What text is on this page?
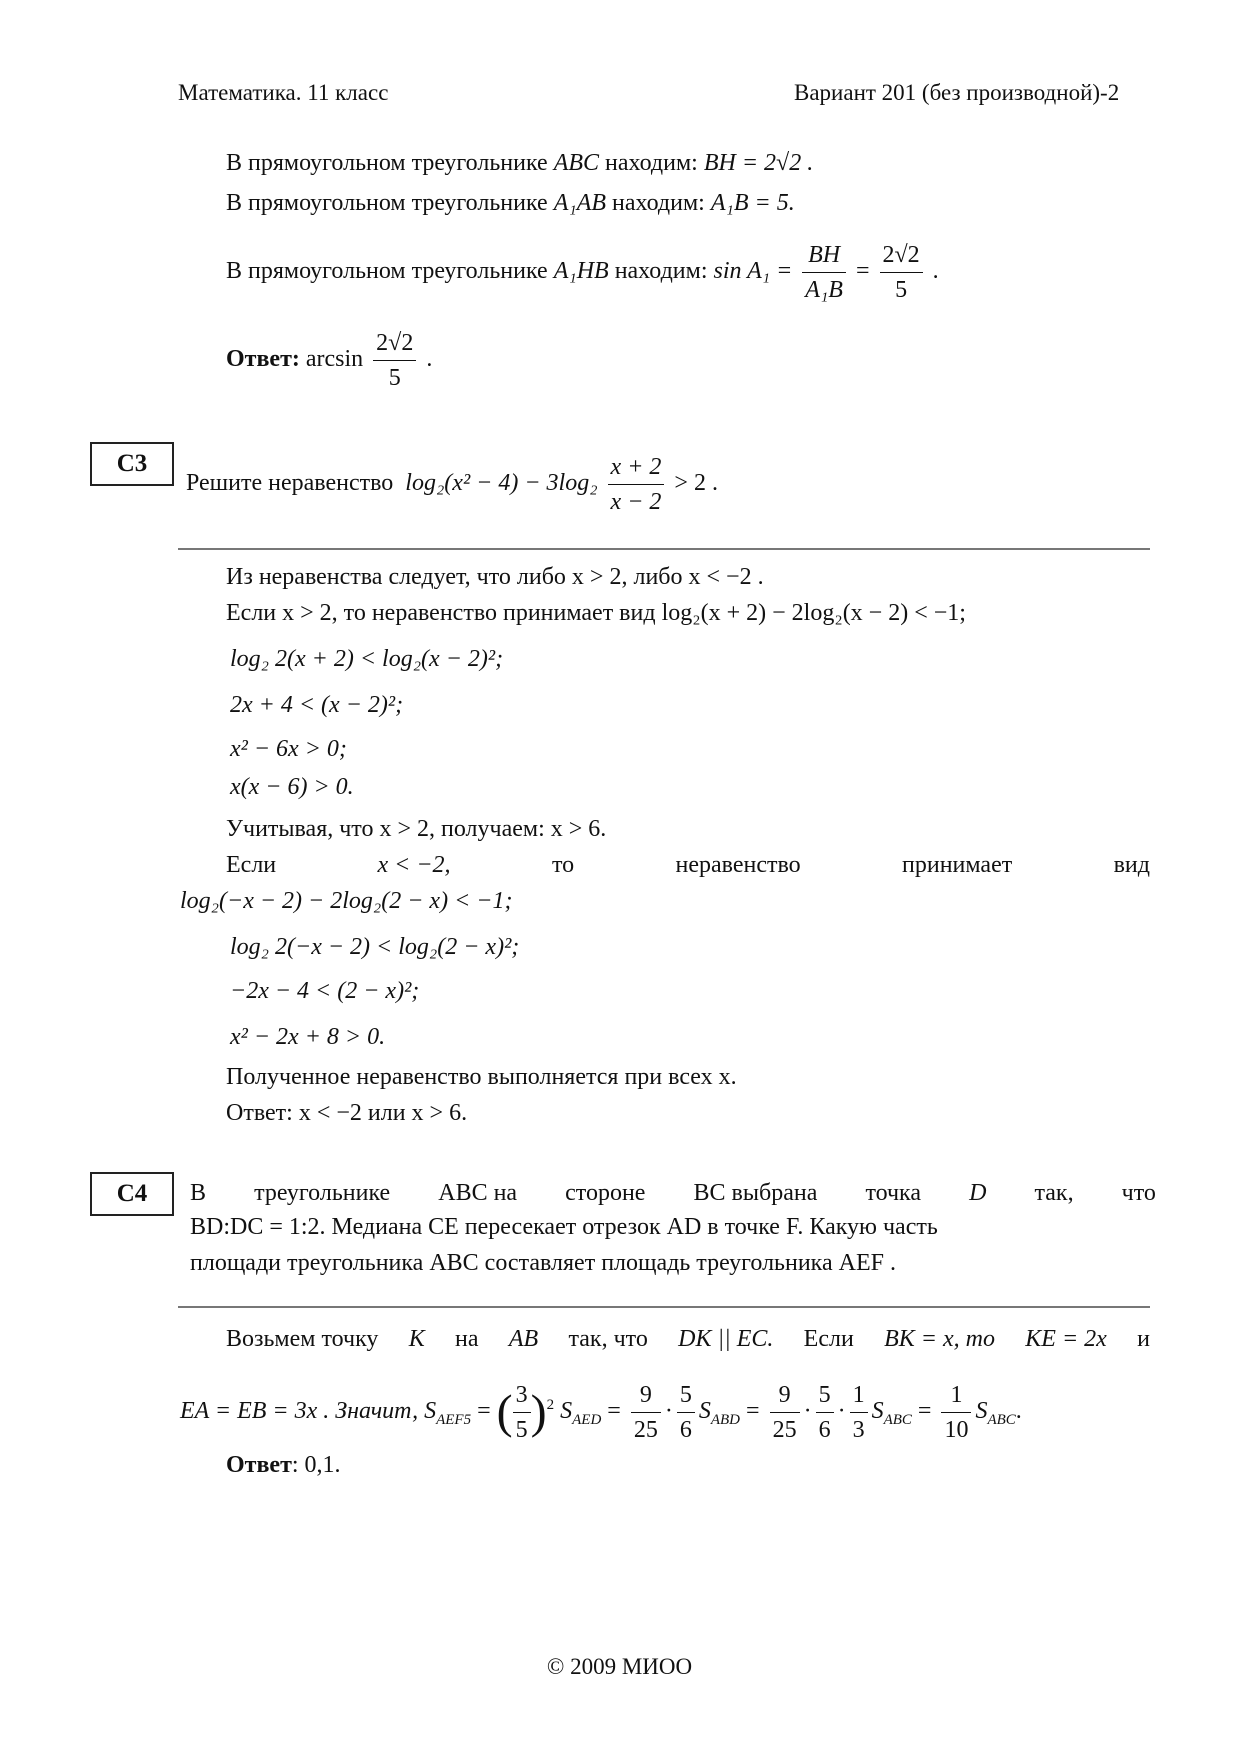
Математика. 11 класс	Вариант 201 (без производной)-2
В прямоугольном треугольнике ABC находим: BH = 2√2 .
В прямоугольном треугольнике A₁AB находим: A₁B = 5.
В прямоугольном треугольнике A₁HB находим: $\sin A_1 = \frac{BH}{\text{A₁B}} = \frac{2√2}{5}$ .
Ответ: $\arcsin \frac{2√2}{5}$ .
С3
Решите неравенство $\log_2(x^2 - 4) - 3\log_2 \frac{x + 2}{x - 2} > 2$ .
Из неравенства следует, что либо x > 2, либо x < −2 .
Если x > 2, то неравенство принимает вид log₂(x + 2) − 2log₂(x − 2) < −1;
log₂ 2(x + 2) < log₂(x − 2)²;
2x + 4 < (x − 2)²;
x² − 6x > 0;
x(x − 6) > 0.
Учитывая, что x > 2, получаем: x > 6.
Если	x < −2,	то	неравенство	принимает	вид
log₂(−x − 2) − 2log₂(2 − x) < −1;
log₂ 2(−x − 2) < log₂(2 − x)²;
−2x − 4 < (2 − x)²;
x² − 2x + 8 > 0.
Полученное неравенство выполняется при всех x.
Ответ: x < −2 или x > 6.
С4	В треугольнике ABC на стороне BC выбрана точка D так, что
BD:DC = 1:2. Медиана CE пересекает отрезок AD в точке F. Какую часть
площади треугольника ABC составляет площадь треугольника AEF .
Возьмем точку K на AB так, что DK || EC. Если BK = x, то KE = 2x и
EA = EB = 3x . Значит, $S_{AEF5}$ = ( $\frac{3}{5} )^2$ $S_{AED} = \frac{9}{25} \cdot \frac{5}{6} S_{ABD} = \frac{9}{25} \cdot \frac{5}{6} \cdot \frac{1}{3} S_{ABC} = \frac{1}{10} S_{ABC}$.
Ответ: 0,1.
© 2009 МИОО
